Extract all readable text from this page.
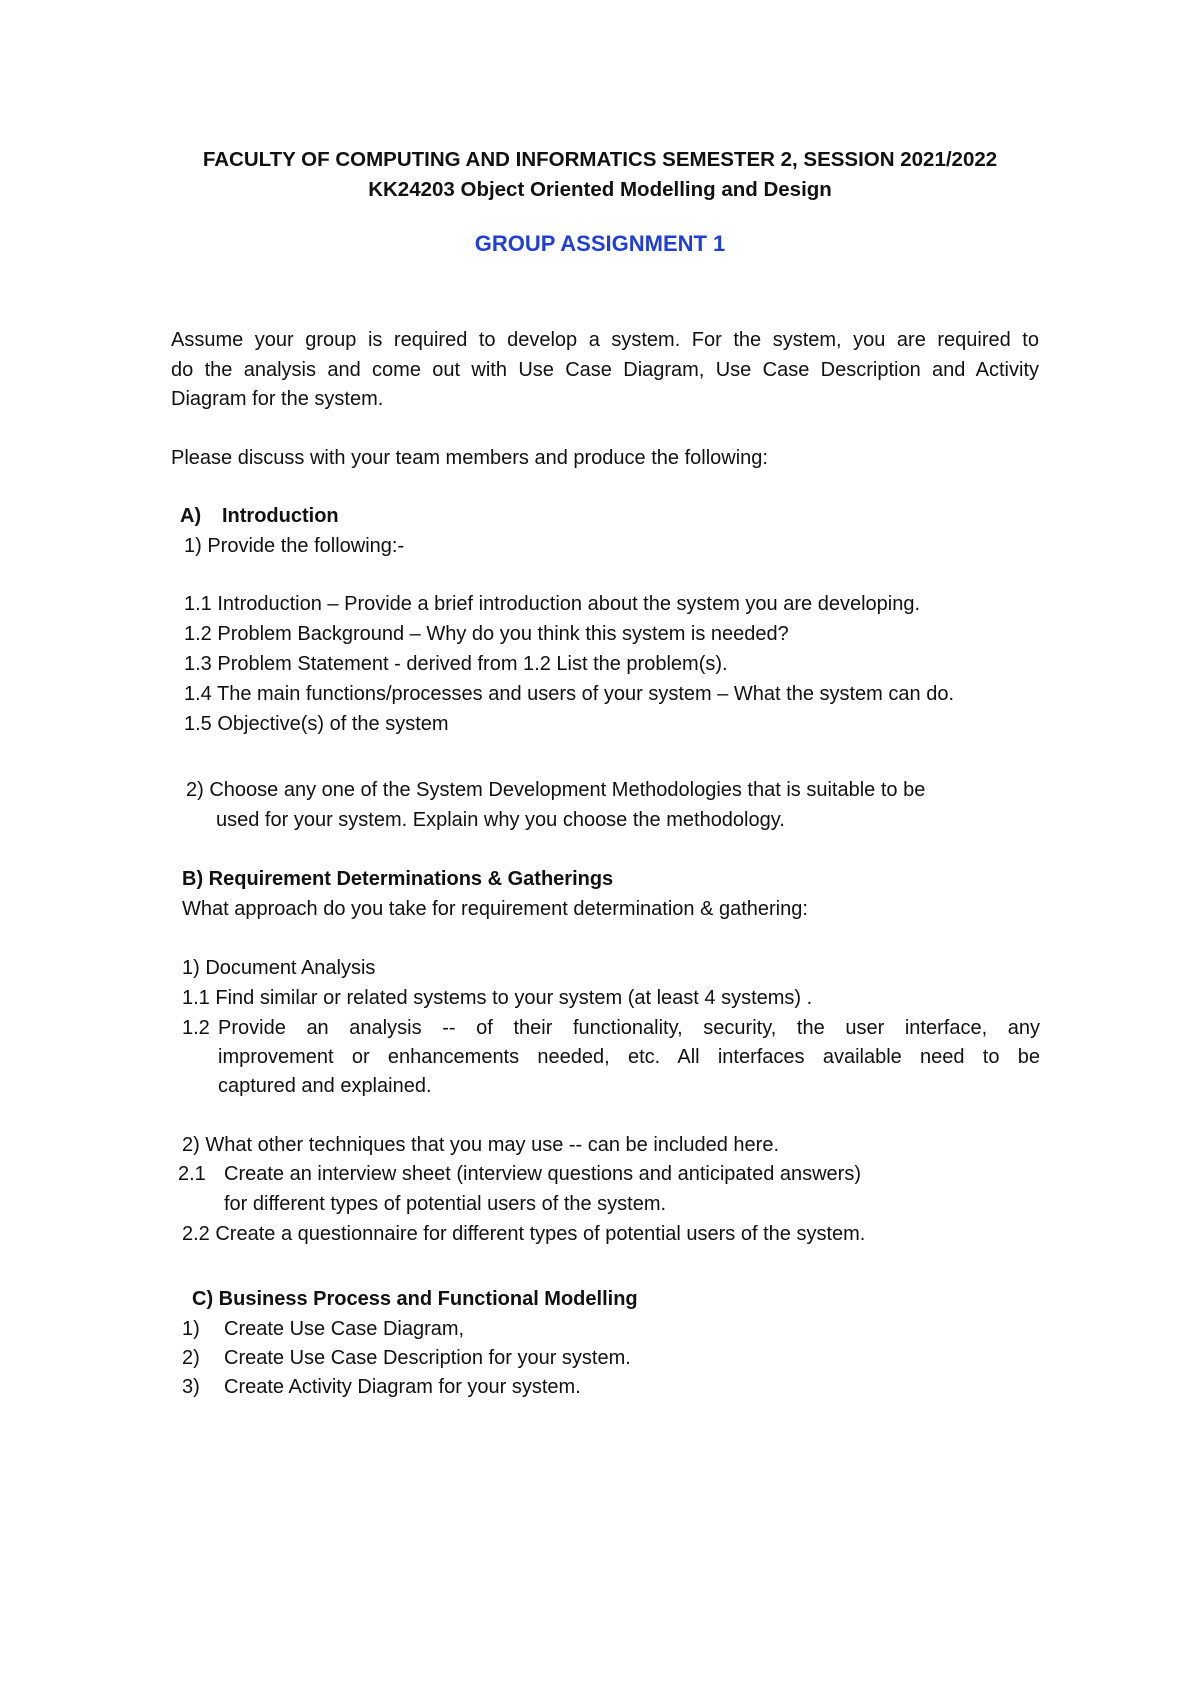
FACULTY OF COMPUTING AND INFORMATICS SEMESTER 2, SESSION 2021/2022

KK24203 Object Oriented Modelling and Design

GROUP ASSIGNMENT 1

Assume your group is required to develop a system. For the system, you are required to

do the analysis and come out with Use Case Diagram, Use Case Description and Activity

Diagram for the system.

Please discuss with your team members and produce the following:

A) Introduction

1) Provide the following:-

1.1 Introduction – Provide a brief introduction about the system you are developing.

1.2 Problem Background – Why do you think this system is needed?

1.3 Problem Statement - derived from 1.2 List the problem(s).

1.4 The main functions/processes and users of your system – What the system can do.

1.5 Objective(s) of the system

2) Choose any one of the System Development Methodologies that is suitable to be

used for your system. Explain why you choose the methodology.

B) Requirement Determinations & Gatherings

What approach do you take for requirement determination & gathering:

1) Document Analysis

1.1 Find similar or related systems to your system (at least 4 systems) .

1.2 Provide an analysis -- of their functionality, security, the user interface, any

improvement or enhancements needed, etc. All interfaces available need to be

captured and explained.

2) What other techniques that you may use -- can be included here.

2.1 Create an interview sheet (interview questions and anticipated answers)

for different types of potential users of the system.

2.2 Create a questionnaire for different types of potential users of the system.

C) Business Process and Functional Modelling

1) Create Use Case Diagram,

2) Create Use Case Description for your system.

3) Create Activity Diagram for your system.
